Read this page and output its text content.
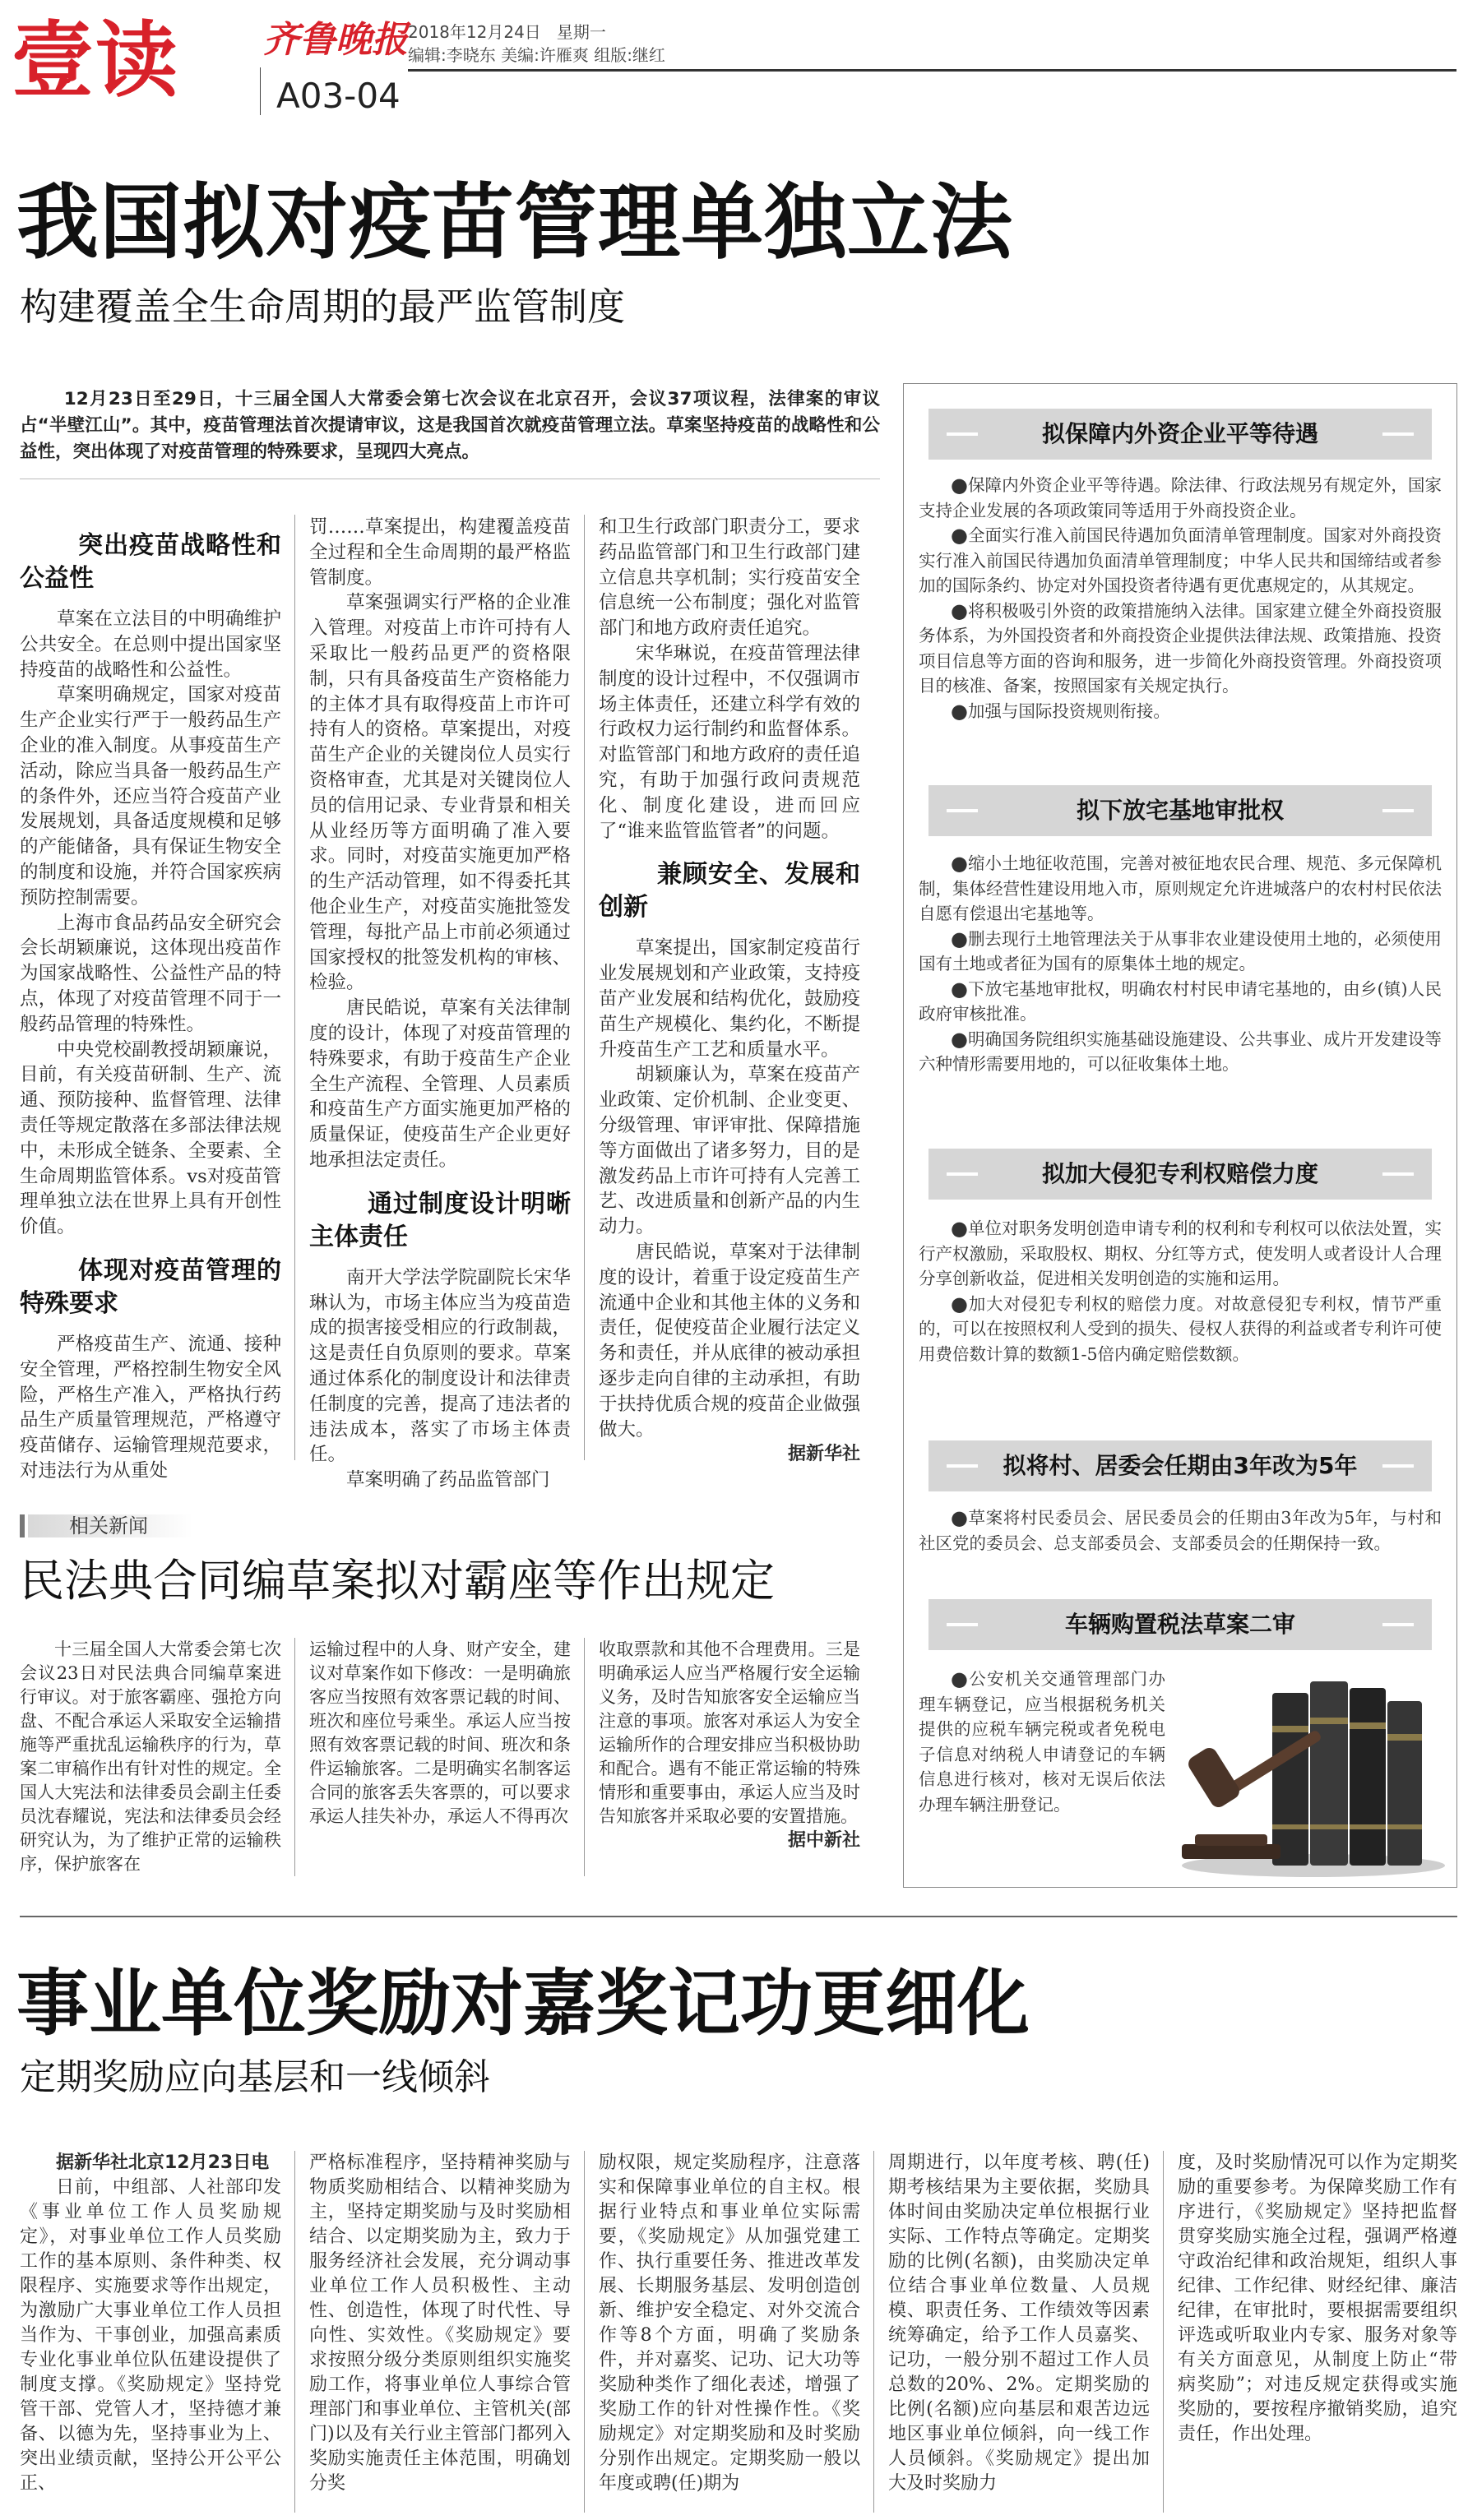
壹读 齐鲁晚报
A03-04
2018年12月24日 星期一
编辑:李晓东 美编:许雁爽 组版:继红
我国拟对疫苗管理单独立法
构建覆盖全生命周期的最严监管制度
12月23日至29日，十三届全国人大常委会第七次会议在北京召开，会议37项议程，法律案的审议占“半壁江山”。其中，疫苗管理法首次提请审议，这是我国首次就疫苗管理立法。草案坚持疫苗的战略性和公益性，突出体现了对疫苗管理的特殊要求，呈现四大亮点。
突出疫苗战略性和公益性

草案在立法目的中明确维护公共安全。在总则中提出国家坚持疫苗的战略性和公益性。

草案明确规定，国家对疫苗生产企业实行严于一般药品生产企业的准入制度。从事疫苗生产活动，除应当具备一般药品生产的条件外，还应当符合疫苗产业发展规划，具备适度规模和足够的产能储备，具有保证生物安全的制度和设施，并符合国家疾病预防控制需要。

上海市食品药品安全研究会会长胡颖廉说，这体现出疫苗作为国家战略性、公益性产品的特点，体现了对疫苗管理不同于一般药品管理的特殊性。

中央党校副教授胡颖廉说，目前，有关疫苗研制、生产、流通、预防接种、监督管理、法律责任等规定散落在多部法律法规中，未形成全链条、全要素、全生命周期监管体系。vs对疫苗管理单独立法在世界上具有开创性价值。

体现对疫苗管理的特殊要求

严格疫苗生产、流通、接种安全管理，严格控制生物安全风险，严格生产准入，严格执行药品生产质量管理规范，严格遵守疫苗储存、运输管理规范要求，对违法行为从重处

罚……草案提出，构建覆盖疫苗全过程和全生命周期的最严格监管制度。

草案强调实行严格的企业准入管理。对疫苗上市许可持有人采取比一般药品更严的资格限制，只有具备疫苗生产资格能力的主体才具有取得疫苗上市许可持有人的资格。草案提出，对疫苗生产企业的关键岗位人员实行资格审查，尤其是对关键岗位人员的信用记录、专业背景和相关从业经历等方面明确了准入要求。同时，对疫苗实施更加严格的生产活动管理，如不得委托其他企业生产，对疫苗实施批签发管理，每批产品上市前必须通过国家授权的批签发机构的审核、检验。

唐民皓说，草案有关法律制度的设计，体现了对疫苗管理的特殊要求，有助于疫苗生产企业全生产流程、全管理、人员素质和疫苗生产方面实施更加严格的质量保证，使疫苗生产企业更好地承担法定责任。

通过制度设计明晰主体责任

南开大学法学院副院长宋华琳认为，市场主体应当为疫苗造成的损害接受相应的行政制裁，这是责任自负原则的要求。草案通过体系化的制度设计和法律责任制度的完善，提高了违法者的违法成本，落实了市场主体责任。

草案明确了药品监管部门

和卫生行政部门职责分工，要求药品监管部门和卫生行政部门建立信息共享机制；实行疫苗安全信息统一公布制度；强化对监管部门和地方政府责任追究。

宋华琳说，在疫苗管理法律制度的设计过程中，不仅强调市场主体责任，还建立科学有效的行政权力运行制约和监督体系。对监管部门和地方政府的责任追究，有助于加强行政问责规范化、制度化建设，进而回应了“谁来监管监管者”的问题。

兼顾安全、发展和创新

草案提出，国家制定疫苗行业发展规划和产业政策，支持疫苗产业发展和结构优化，鼓励疫苗生产规模化、集约化，不断提升疫苗生产工艺和质量水平。

胡颖廉认为，草案在疫苗产业政策、定价机制、企业变更、分级管理、审评审批、保障措施等方面做出了诸多努力，目的是激发药品上市许可持有人完善工艺、改进质量和创新产品的内生动力。

唐民皓说，草案对于法律制度的设计，着重于设定疫苗生产流通中企业和其他主体的义务和责任，促使疫苗企业履行法定义务和责任，并从底律的被动承担逐步走向自律的主动承担，有助于扶持优质合规的疫苗企业做强做大。

据新华社
拟保障内外资企业平等待遇

●保障内外资企业平等待遇。除法律、行政法规另有规定外，国家支持企业发展的各项政策同等适用于外商投资企业。

●全面实行准入前国民待遇加负面清单管理制度。国家对外商投资实行准入前国民待遇加负面清单管理制度；中华人民共和国缔结或者参加的国际条约、协定对外国投资者待遇有更优惠规定的，从其规定。

●将积极吸引外资的政策措施纳入法律。国家建立健全外商投资服务体系，为外国投资者和外商投资企业提供法律法规、政策措施、投资项目信息等方面的咨询和服务，进一步简化外商投资管理。外商投资项目的核准、备案，按照国家有关规定执行。

●加强与国际投资规则衔接。

拟下放宅基地审批权

●缩小土地征收范围，完善对被征地农民合理、规范、多元保障机制，集体经营性建设用地入市，原则规定允许进城落户的农村村民依法自愿有偿退出宅基地等。

●删去现行土地管理法关于从事非农业建设使用土地的，必须使用国有土地或者征为国有的原集体土地的规定。

●下放宅基地审批权，明确农村村民申请宅基地的，由乡(镇)人民政府审核批准。

●明确国务院组织实施基础设施建设、公共事业、成片开发建设等六种情形需要用地的，可以征收集体土地。

拟加大侵犯专利权赔偿力度

●单位对职务发明创造申请专利的权利和专利权可以依法处置，实行产权激励，采取股权、期权、分红等方式，使发明人或者设计人合理分享创新收益，促进相关发明创造的实施和运用。

●加大对侵犯专利权的赔偿力度。对故意侵犯专利权，情节严重的，可以在按照权利人受到的损失、侵权人获得的利益或者专利许可使用费倍数计算的数额1-5倍内确定赔偿数额。

拟将村、居委会任期由3年改为5年

●草案将村民委员会、居民委员会的任期由3年改为5年，与村和社区党的委员会、总支部委员会、支部委员会的任期保持一致。

车辆购置税法草案二审

●公安机关交通管理部门办理车辆登记，应当根据税务机关提供的应税车辆完税或者免税电子信息对纳税人申请登记的车辆信息进行核对，核对无误后依法办理车辆注册登记。

相关新闻
民法典合同编草案拟对霸座等作出规定

十三届全国人大常委会第七次会议23日对民法典合同编草案进行审议。对于旅客霸座、强抢方向盘、不配合承运人采取安全运输措施等严重扰乱运输秩序的行为，草案二审稿作出有针对性的规定。全国人大宪法和法律委员会副主任委员沈春耀说，宪法和法律委员会经研究认为，为了维护正常的运输秩序，保护旅客在

运输过程中的人身、财产安全，建议对草案作如下修改：一是明确旅客应当按照有效客票记载的时间、班次和座位号乘坐。承运人应当按照有效客票记载的时间、班次和条件运输旅客。二是明确实名制客运合同的旅客丢失客票的，可以要求承运人挂失补办，承运人不得再次

收取票款和其他不合理费用。三是明确承运人应当严格履行安全运输义务，及时告知旅客安全运输应当注意的事项。旅客对承运人为安全运输所作的合理安排应当积极协助和配合。遇有不能正常运输的特殊情形和重要事由，承运人应当及时告知旅客并采取必要的安置措施。

据中新社
事业单位奖励对嘉奖记功更细化
定期奖励应向基层和一线倾斜
据新华社北京12月23日电

日前，中组部、人社部印发《事业单位工作人员奖励规定》，对事业单位工作人员奖励工作的基本原则、条件种类、权限程序、实施要求等作出规定，为激励广大事业单位工作人员担当作为、干事创业，加强高素质专业化事业单位队伍建设提供了制度支撑。《奖励规定》坚持党管干部、党管人才，坚持德才兼备、以德为先，坚持事业为上、突出业绩贡献，坚持公开公平公正、

严格标准程序，坚持精神奖励与物质奖励相结合、以精神奖励为主，坚持定期奖励与及时奖励相结合、以定期奖励为主，致力于服务经济社会发展，充分调动事业单位工作人员积极性、主动性、创造性，体现了时代性、导向性、实效性。《奖励规定》要求按照分级分类原则组织实施奖励工作，将事业单位人事综合管理部门和事业单位、主管机关(部门)以及有关行业主管部门都列入奖励实施责任主体范围，明确划分奖

励权限，规定奖励程序，注意落实和保障事业单位的自主权。根据行业特点和事业单位实际需要，《奖励规定》从加强党建工作、执行重要任务、推进改革发展、长期服务基层、发明创造创新、维护安全稳定、对外交流合作等8个方面，明确了奖励条件，并对嘉奖、记功、记大功等奖励种类作了细化表述，增强了奖励工作的针对性操作性。《奖励规定》对定期奖励和及时奖励分别作出规定。定期奖励一般以年度或聘(任)期为

周期进行，以年度考核、聘(任)期考核结果为主要依据，奖励具体时间由奖励决定单位根据行业实际、工作特点等确定。定期奖励的比例(名额)，由奖励决定单位结合事业单位数量、人员规模、职责任务、工作绩效等因素统筹确定，给予工作人员嘉奖、记功，一般分别不超过工作人员总数的20%、2%。定期奖励的比例(名额)应向基层和艰苦边远地区事业单位倾斜，向一线工作人员倾斜。《奖励规定》提出加大及时奖励力

度，及时奖励情况可以作为定期奖励的重要参考。为保障奖励工作有序进行，《奖励规定》坚持把监督贯穿奖励实施全过程，强调严格遵守政治纪律和政治规矩，组织人事纪律、工作纪律、财经纪律、廉洁纪律，在审批时，要根据需要组织评选或听取业内专家、服务对象等有关方面意见，从制度上防止“带病奖励”；对违反规定获得或实施奖励的，要按程序撤销奖励，追究责任，作出处理。
